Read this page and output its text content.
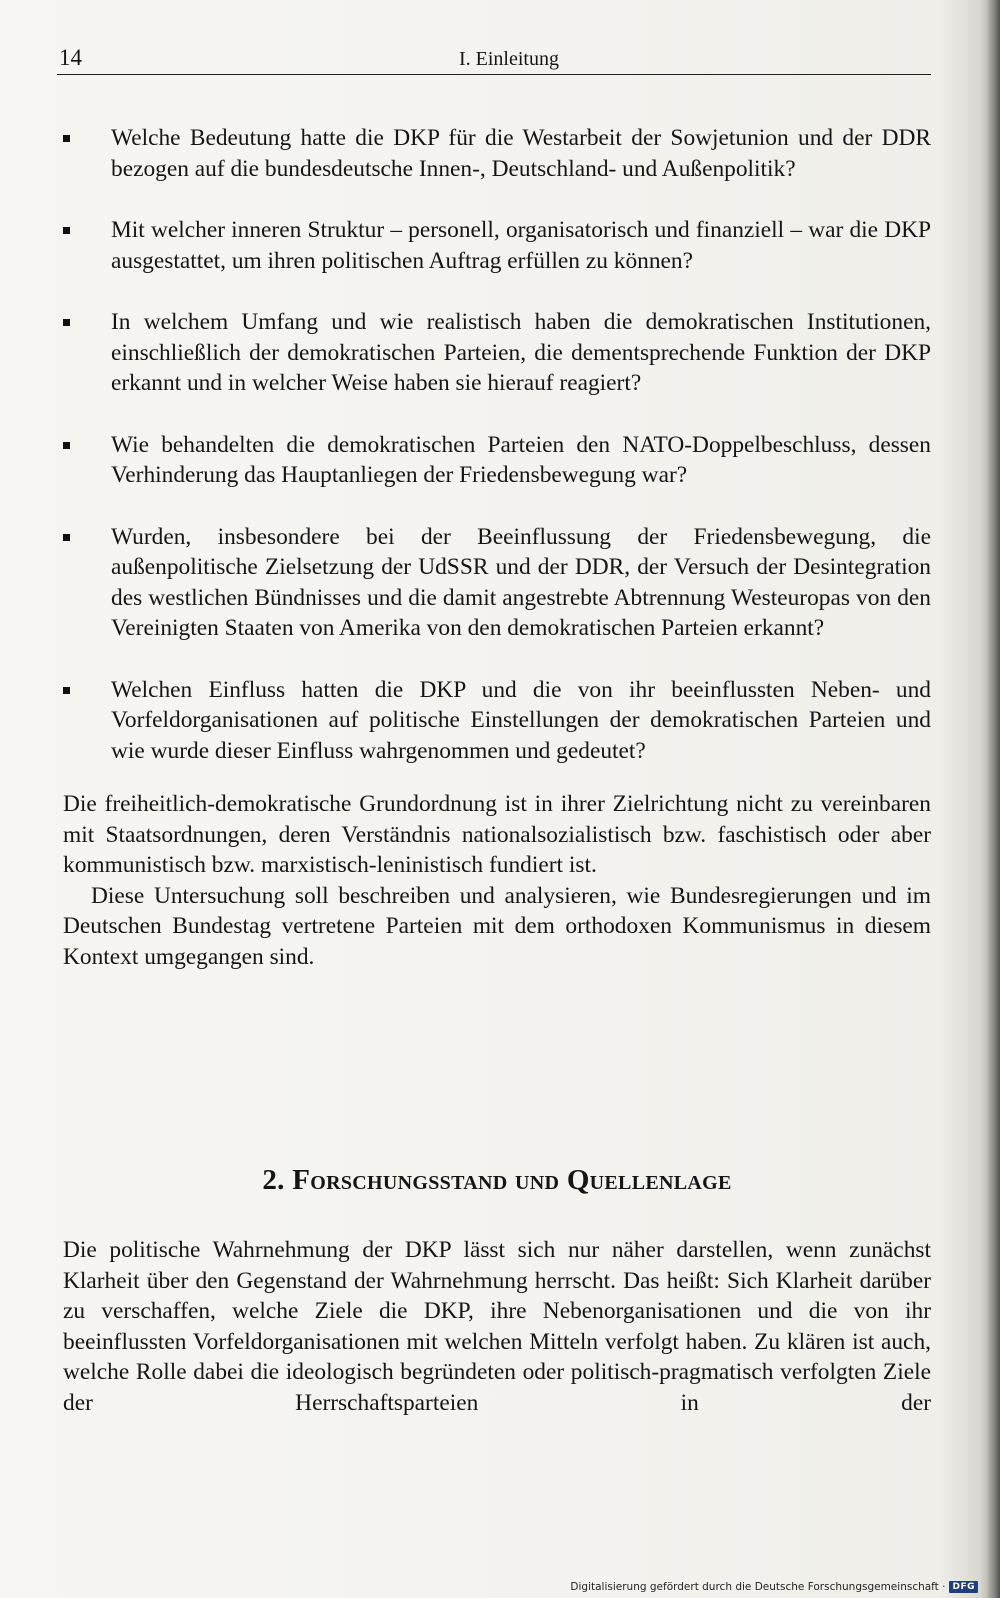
14	I. Einleitung
Welche Bedeutung hatte die DKP für die Westarbeit der Sowjetunion und der DDR bezogen auf die bundesdeutsche Innen-, Deutschland- und Außenpolitik?
Mit welcher inneren Struktur – personell, organisatorisch und finanziell – war die DKP ausgestattet, um ihren politischen Auftrag erfüllen zu können?
In welchem Umfang und wie realistisch haben die demokratischen Institutionen, einschließlich der demokratischen Parteien, die dementsprechende Funktion der DKP erkannt und in welcher Weise haben sie hierauf reagiert?
Wie behandelten die demokratischen Parteien den NATO-Doppelbeschluss, dessen Verhinderung das Hauptanliegen der Friedensbewegung war?
Wurden, insbesondere bei der Beeinflussung der Friedensbewegung, die außenpolitische Zielsetzung der UdSSR und der DDR, der Versuch der Desintegration des westlichen Bündnisses und die damit angestrebte Abtrennung Westeuropas von den Vereinigten Staaten von Amerika von den demokratischen Parteien erkannt?
Welchen Einfluss hatten die DKP und die von ihr beeinflussten Neben- und Vorfeldorganisationen auf politische Einstellungen der demokratischen Parteien und wie wurde dieser Einfluss wahrgenommen und gedeutet?

Die freiheitlich-demokratische Grundordnung ist in ihrer Zielrichtung nicht zu vereinbaren mit Staatsordnungen, deren Verständnis nationalsozialistisch bzw. faschistisch oder aber kommunistisch bzw. marxistisch-leninistisch fundiert ist.

Diese Untersuchung soll beschreiben und analysieren, wie Bundesregierungen und im Deutschen Bundestag vertretene Parteien mit dem orthodoxen Kommunismus in diesem Kontext umgegangen sind.

2. Forschungsstand und Quellenlage

Die politische Wahrnehmung der DKP lässt sich nur näher darstellen, wenn zunächst Klarheit über den Gegenstand der Wahrnehmung herrscht. Das heißt: Sich Klarheit darüber zu verschaffen, welche Ziele die DKP, ihre Nebenorganisationen und die von ihr beeinflussten Vorfeldorganisationen mit welchen Mitteln verfolgt haben. Zu klären ist auch, welche Rolle dabei die ideologisch begründeten oder politisch-pragmatisch verfolgten Ziele der Herrschaftsparteien in der

Digitalisierung gefördert durch die Deutsche Forschungsgemeinschaft · DFG
